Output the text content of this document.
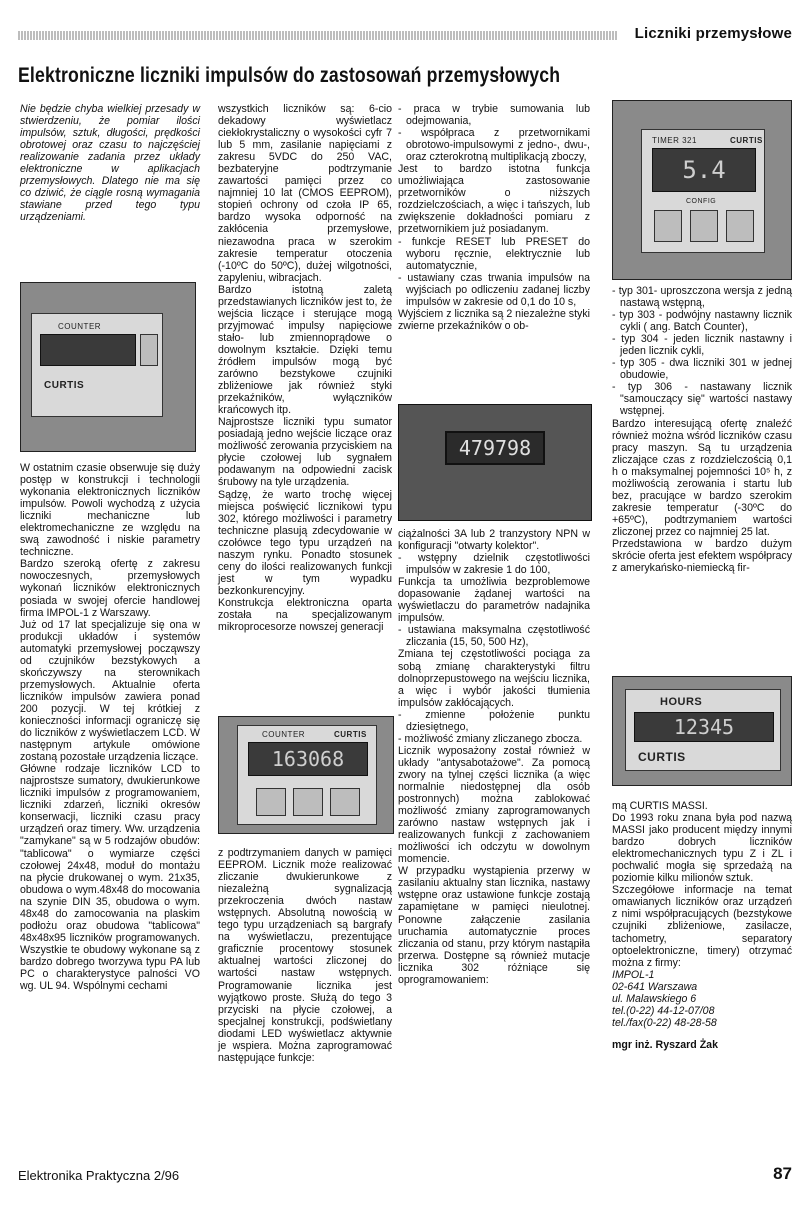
Liczniki przemysłowe
Elektroniczne liczniki impulsów do zastosowań przemysłowych

Nie będzie chyba wielkiej przesady w stwierdzeniu, że pomiar ilości impulsów, sztuk, długości, prędkości obrotowej oraz czasu to najczęściej realizowanie zadania przez układy elektroniczne w aplikacjach przemysłowych. Dlatego nie ma się co dziwić, że ciągle rosną wymagania stawiane przed tego typu urządzeniami.

COUNTER
CURTIS

W ostatnim czasie obserwuje się duży postęp w konstrukcji i technologii wykonania elektronicznych liczników impulsów. Powoli wychodzą z użycia liczniki mechaniczne lub elektromechaniczne ze względu na swą zawodność i niskie parametry techniczne.

Bardzo szeroką ofertę z zakresu nowoczesnych, przemysłowych wykonań liczników elektronicznych posiada w swojej ofercie handlowej firma IMPOL-1 z Warszawy.

Już od 17 lat specjalizuje się ona w produkcji układów i systemów automatyki przemysłowej począwszy od czujników bezstykowych a skończywszy na sterownikach przemysłowych. Aktualnie oferta liczników impulsów zawiera ponad 200 pozycji. W tej krótkiej z konieczności informacji ograniczę się do liczników z wyświetlaczem LCD. W następnym artykule omówione zostaną pozostałe urządzenia liczące.

Główne rodzaje liczników LCD to najprostsze sumatory, dwukierunkowe liczniki impulsów z programowaniem, liczniki zdarzeń, liczniki okresów konserwacji, liczniki czasu pracy urządzeń oraz timery. Ww. urządzenia "zamykane" są w 5 rodzajów obudów: "tablicowa" o wymiarze części czołowej 24x48, moduł do montażu na płycie drukowanej o wym. 21x35, obudowa o wym.48x48 do mocowania na szynie DIN 35, obudowa o wym. 48x48 do zamocowania na plaskim podłożu oraz obudowa "tablicowa" 48x48x95 liczników programowanych. Wszystkie te obudowy wykonane są z bardzo dobrego tworzywa typu PA lub PC o charakterystyce palności VO wg. UL 94. Wspólnymi cechami

wszystkich liczników są: 6-cio dekadowy wyświetlacz ciekłokrystaliczny o wysokości cyfr 7 lub 5 mm, zasilanie napięciami z zakresu 5VDC do 250 VAC, bezbateryjne podtrzymanie zawartości pamięci przez co najmniej 10 lat (CMOS EEPROM), stopień ochrony od czoła IP 65, bardzo wysoka odporność na zakłócenia przemysłowe, niezawodna praca w szerokim zakresie temperatur otoczenia (-10ºC do 50ºC), dużej wilgotności, zapyleniu, wibracjach.

Bardzo istotną zaletą przedstawianych liczników jest to, że wejścia liczące i sterujące mogą przyjmować impulsy napięciowe stało- lub zmiennoprądowe o dowolnym kształcie. Dzięki temu źródłem impulsów mogą być zarówno bezstykowe czujniki zbliżeniowe jak również styki przekaźników, wyłączników krańcowych itp.

Najprostsze liczniki typu sumator posiadają jedno wejście liczące oraz możliwość zerowania przyciskiem na płycie czołowej lub sygnałem podawanym na odpowiedni zacisk śrubowy na tyle urządzenia.

Sądzę, że warto trochę więcej miejsca poświęcić licznikowi typu 302, którego możliwości i parametry techniczne plasują zdecydowanie w czołówce tego typu urządzeń na naszym rynku. Ponadto stosunek ceny do ilości realizowanych funkcji jest w tym wypadku bezkonkurencyjny.

Konstrukcja elektroniczna oparta została na specjalizowanym mikroprocesorze nowszej generacji

COUNTER	CURTIS
163068

z podtrzymaniem danych w pamięci EEPROM. Licznik może realizować zliczanie dwukierunkowe z niezależną sygnalizacją przekroczenia dwóch nastaw wstępnych. Absolutną nowością w tego typu urządzeniach są bargrafy na wyświetlaczu, prezentujące graficznie procentowy stosunek aktualnej wartości zliczonej do wartości nastaw wstępnych. Programowanie licznika jest wyjątkowo proste. Służą do tego 3 przyciski na płycie czołowej, a specjalnej konstrukcji, podświetlany diodami LED wyświetlacz aktywnie je wspiera. Można zaprogramować następujące funkcje:

- praca w trybie sumowania lub odejmowania,

- współpraca z przetwornikami obrotowo-impulsowymi z jedno-, dwu-, oraz czterokrotną multiplikacją zboczy,

Jest to bardzo istotna funkcja umożliwiająca zastosowanie przetworników o niższych rozdzielczościach, a więc i tańszych, lub zwiększenie dokładności pomiaru z przetwornikiem już posiadanym.

- funkcje RESET lub PRESET do wyboru ręcznie, elektrycznie lub automatycznie,

- ustawiany czas trwania impulsów na wyjściach po odliczeniu zadanej liczby impulsów w zakresie od 0,1 do 10 s,

Wyjściem z licznika są 2 niezależne styki zwierne przekaźników o ob-

479798

ciążalności 3A lub 2 tranzystory NPN w konfiguracji "otwarty kolektor".

- wstępny dzielnik częstotliwości impulsów w zakresie 1 do 100,

Funkcja ta umożliwia bezproblemowe dopasowanie żądanej wartości na wyświetlaczu do parametrów nadajnika impulsów.

- ustawiana maksymalna częstotliwość zliczania (15, 50, 500 Hz),

Zmiana tej częstotliwości pociąga za sobą zmianę charakterystyki filtru dolnoprzepustowego na wejściu licznika, a więc i wybór jakości tłumienia impulsów zakłócających.

- zmienne położenie punktu dziesiętnego,

- możliwość zmiany zliczanego zbocza.

Licznik wyposażony został również w układy "antysabotażowe". Za pomocą zwory na tylnej części licznika (a więc normalnie niedostępnej dla osób postronnych) można zablokować możliwość zmiany zaprogramowanych zarówno nastaw wstępnych jak i realizowanych funkcji z zachowaniem możliwości ich odczytu w dowolnym momencie.

W przypadku wystąpienia przerwy w zasilaniu aktualny stan licznika, nastawy wstępne oraz ustawione funkcje zostają zapamiętane w pamięci nieulotnej. Ponowne załączenie zasilania uruchamia automatycznie proces zliczania od stanu, przy którym nastąpiła przerwa. Dostępne są również mutacje licznika 302 różniące się oprogramowaniem:

TIMER 321	CURTIS
5.4
CONFIG

- typ 301- uproszczona wersja z jedną nastawą wstępną,

- typ 303 - podwójny nastawny licznik cykli ( ang. Batch Counter),

- typ 304 - jeden licznik nastawny i jeden licznik cykli,

- typ 305 - dwa liczniki 301 w jednej obudowie,

- typ 306 - nastawany licznik "samouczący się" wartości nastawy wstępnej.

Bardzo interesującą ofertę znaleźć również można wśród liczników czasu pracy maszyn. Są tu urządzenia zliczające czas z rozdzielczością 0,1 h o maksymalnej pojemności 10⁵ h, z możliwością zerowania i startu lub bez, pracujące w bardzo szerokim zakresie temperatur (-30ºC do +65ºC), podtrzymaniem wartości zliczonej przez co najmniej 25 lat.

Przedstawiona w bardzo dużym skrócie oferta jest efektem współpracy z amerykańsko-niemiecką fir-

HOURS
12345
CURTIS

mą CURTIS MASSI.

Do 1993 roku znana była pod nazwą MASSI jako producent między innymi bardzo dobrych liczników elektromechanicznych typu Z i ZL i pochwalić mogła się sprzedażą na poziomie kilku milionów sztuk.

Szczegółowe informacje na temat omawianych liczników oraz urządzeń z nimi współpracujących (bezstykowe czujniki zbliżeniowe, zasilacze, tachometry, separatory optoelektroniczne, timery) otrzymać można z firmy:

IMPOL-1

02-641 Warszawa

ul. Malawskiego 6

tel.(0-22) 44-12-07/08

tel./fax(0-22) 48-28-58

mgr inż. Ryszard Żak

Elektronika Praktyczna 2/96	87
